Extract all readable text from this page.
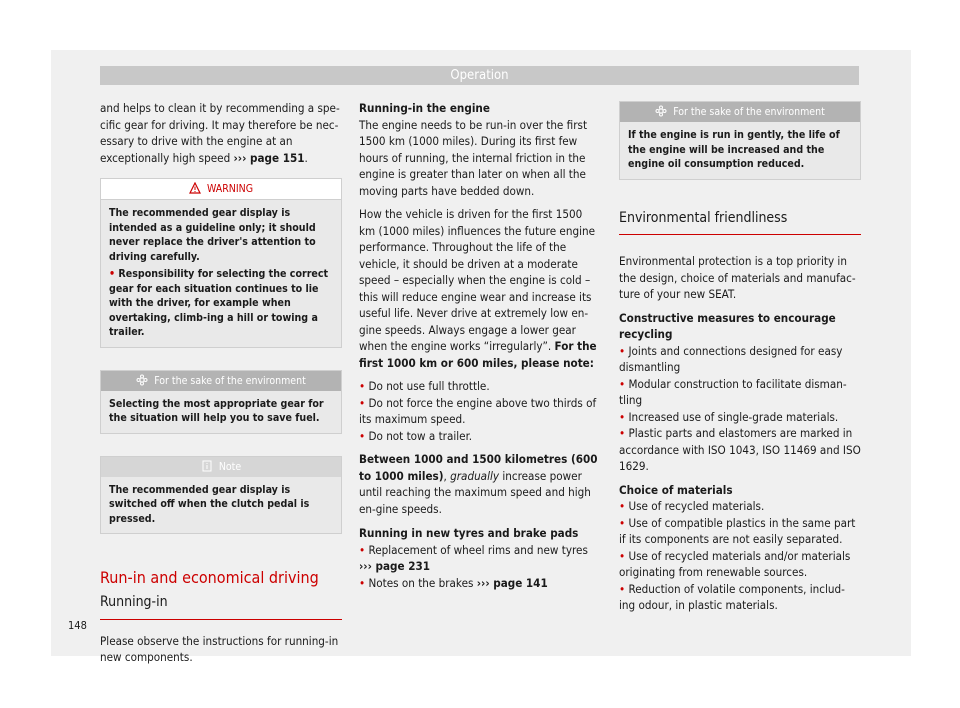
Operation

and helps to clean it by recommending a spe-cific gear for driving. It may therefore be nec-essary to drive with the engine at an exceptionally high speed ››› page 151.

WARNING
The recommended gear display is intended as a guideline only; it should never replace the driver's attention to driving carefully.
• Responsibility for selecting the correct gear for each situation continues to lie with the driver, for example when overtaking, climb-ing a hill or towing a trailer.
For the sake of the environment
Selecting the most appropriate gear for the situation will help you to save fuel.
Note
The recommended gear display is switched off when the clutch pedal is pressed.
Run-in and economical driving
Running-in

Please observe the instructions for running-in new components.

Running-in the engine

The engine needs to be run-in over the first 1500 km (1000 miles). During its first few hours of running, the internal friction in the engine is greater than later on when all the moving parts have bedded down.

How the vehicle is driven for the first 1500 km (1000 miles) influences the future engine performance. Throughout the life of the vehicle, it should be driven at a moderate speed – especially when the engine is cold – this will reduce engine wear and increase its useful life. Never drive at extremely low en-gine speeds. Always engage a lower gear when the engine works “irregularly”. For the first 1000 km or 600 miles, please note:

• Do not use full throttle.
• Do not force the engine above two thirds of its maximum speed.
• Do not tow a trailer.

Between 1000 and 1500 kilometres (600 to 1000 miles), gradually increase power until reaching the maximum speed and high en-gine speeds.

Running in new tyres and brake pads
• Replacement of wheel rims and new tyres ››› page 231
• Notes on the brakes ››› page 141
For the sake of the environment
If the engine is run in gently, the life of the engine will be increased and the engine oil consumption reduced.
Environmental friendliness

Environmental protection is a top priority in the design, choice of materials and manufac-ture of your new SEAT.

Constructive measures to encourage recycling
• Joints and connections designed for easy dismantling
• Modular construction to facilitate disman-tling
• Increased use of single-grade materials.
• Plastic parts and elastomers are marked in accordance with ISO 1043, ISO 11469 and ISO 1629.
Choice of materials
• Use of recycled materials.
• Use of compatible plastics in the same part if its components are not easily separated.
• Use of recycled materials and/or materials originating from renewable sources.
• Reduction of volatile components, includ-ing odour, in plastic materials.
148
